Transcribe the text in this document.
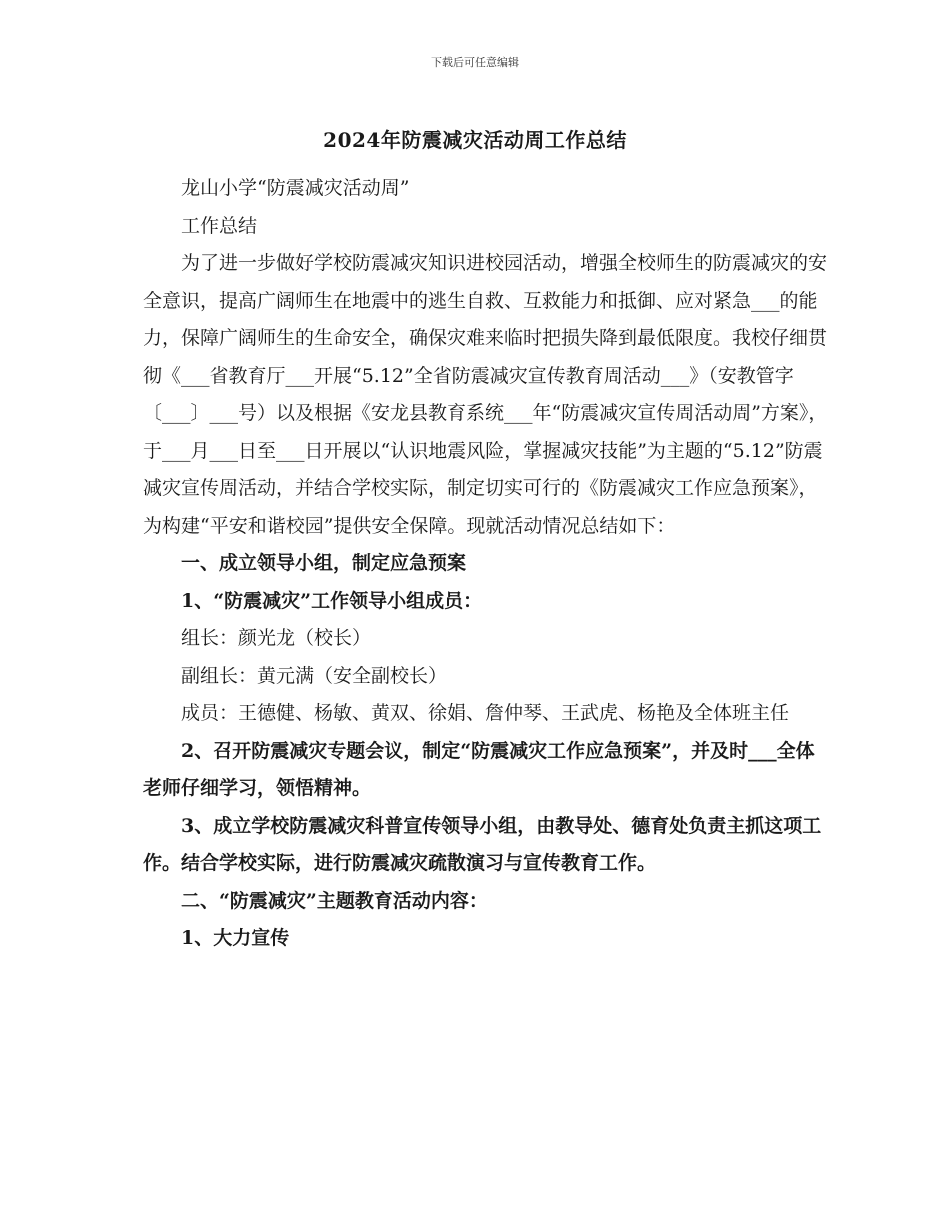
下载后可任意编辑
2024年防震减灾活动周工作总结

龙山小学“防震减灾活动周”

工作总结

为了进一步做好学校防震减灾知识进校园活动，增强全校师生的防震减灾的安全意识，提高广阔师生在地震中的逃生自救、互救能力和抵御、应对紧急___的能力，保障广阔师生的生命安全，确保灾难来临时把损失降到最低限度。我校仔细贯彻《___省教育厅___开展“5.12”全省防震减灾宣传教育周活动___》（安教管字〔___〕___号）以及根据《安龙县教育系统___年“防震减灾宣传周活动周”方案》，于___月___日至___日开展以“认识地震风险，掌握减灾技能”为主题的“5.12”防震减灾宣传周活动，并结合学校实际，制定切实可行的《防震减灾工作应急预案》，为构建“平安和谐校园”提供安全保障。现就活动情况总结如下：

一、成立领导小组，制定应急预案

1、“防震减灾”工作领导小组成员：

组长：颜光龙（校长）

副组长：黄元满（安全副校长）

成员：王德健、杨敏、黄双、徐娟、詹仲琴、王武虎、杨艳及全体班主任

2、召开防震减灾专题会议，制定“防震减灾工作应急预案”，并及时___全体老师仔细学习，领悟精神。

3、成立学校防震减灾科普宣传领导小组，由教导处、德育处负责主抓这项工作。结合学校实际，进行防震减灾疏散演习与宣传教育工作。

二、“防震减灾”主题教育活动内容：

1、大力宣传
